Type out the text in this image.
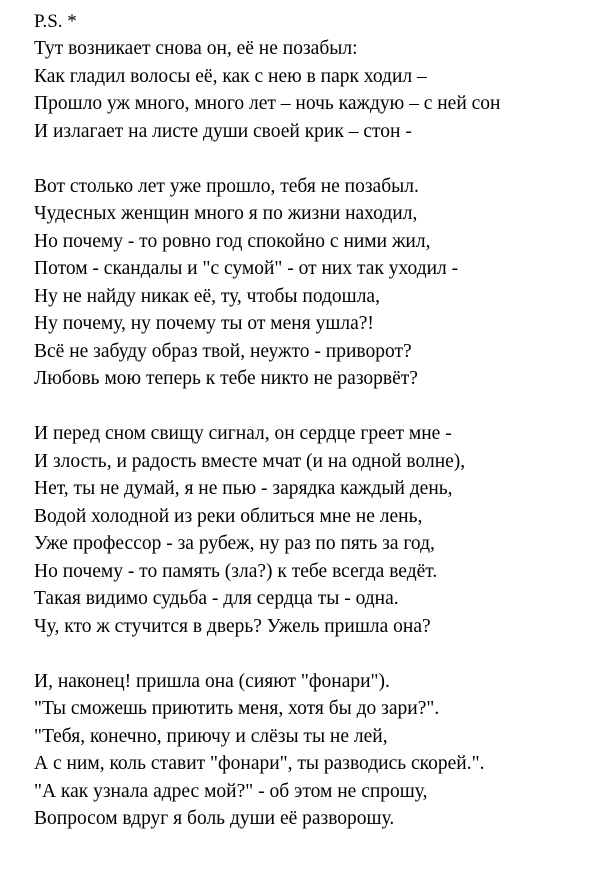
P.S. *
Тут возникает снова он, её не позабыл:
Как гладил волосы её, как с нею в парк ходил –
Прошло уж много, много лет – ночь каждую – с ней сон
И излагает на листе души своей крик – стон -
Вот столько лет уже прошло, тебя не позабыл.
Чудесных женщин много я по жизни находил,
Но почему - то ровно год спокойно с ними жил,
Потом - скандалы и "с сумой" - от них так уходил -
Ну не найду никак её, ту, чтобы подошла,
Ну почему, ну почему ты от меня ушла?!
Всё не забуду образ твой, неужто - приворот?
Любовь мою теперь к тебе никто не разорвёт?
И перед сном свищу сигнал, он сердце греет мне -
И злость, и радость вместе мчат (и на одной волне),
Нет, ты не думай, я не пью - зарядка каждый день,
Водой холодной из реки облиться мне не лень,
Уже профессор - за рубеж, ну раз по пять за год,
Но почему - то память (зла?) к тебе всегда ведёт.
Такая видимо судьба - для сердца ты - одна.
Чу, кто ж стучится в дверь? Ужель пришла она?
И, наконец! пришла она (сияют "фонари").
"Ты сможешь приютить меня, хотя бы до зари?".
"Тебя, конечно, приючу и слёзы ты не лей,
А с ним, коль ставит "фонари", ты разводись скорей.".
"А как узнала адрес мой?" - об этом не спрошу,
Вопросом вдруг я боль души её разворошу.
